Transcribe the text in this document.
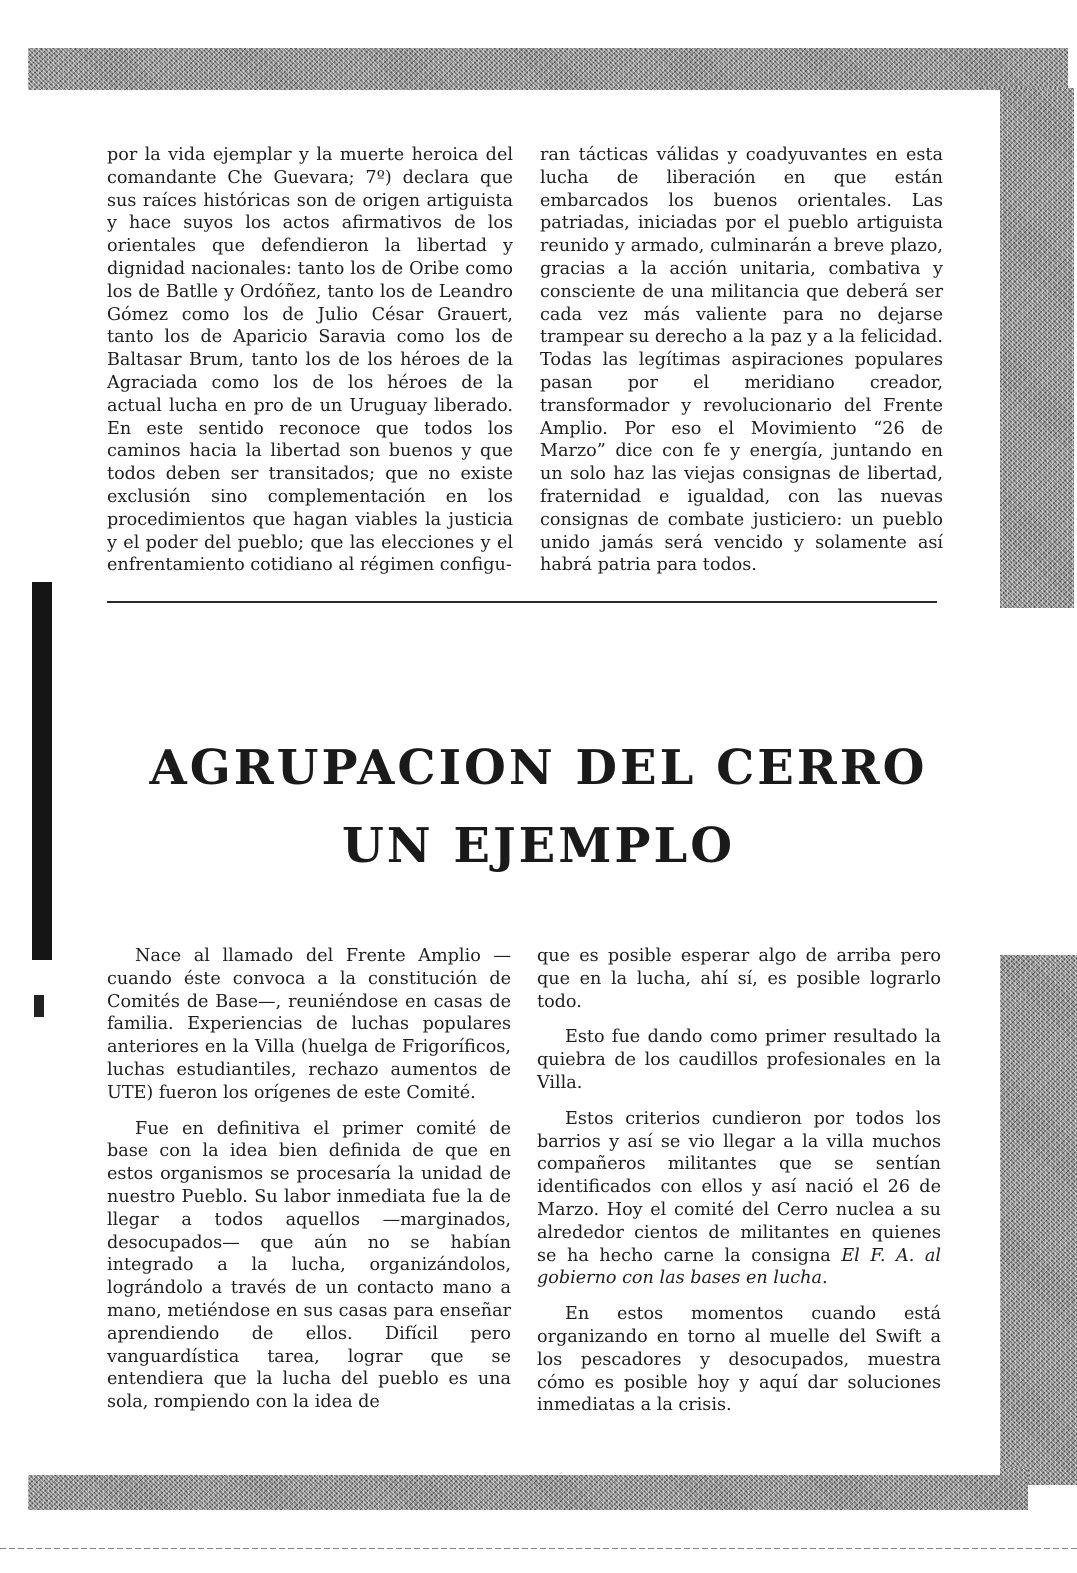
por la vida ejemplar y la muerte heroica del comandante Che Guevara; 7º) declara que sus raíces históricas son de origen artiguista y hace suyos los actos afirmativos de los orientales que defendieron la libertad y dignidad nacionales: tanto los de Oribe como los de Batlle y Ordóñez, tanto los de Leandro Gómez como los de Julio César Grauert, tanto los de Aparicio Saravia como los de Baltasar Brum, tanto los de los héroes de la Agraciada como los de los héroes de la actual lucha en pro de un Uruguay liberado. En este sentido reconoce que todos los caminos hacia la libertad son buenos y que todos deben ser transitados; que no existe exclusión sino complementación en los procedimientos que hagan viables la justicia y el poder del pueblo; que las elecciones y el enfrentamiento cotidiano al régimen configu-

ran tácticas válidas y coadyuvantes en esta lucha de liberación en que están embarcados los buenos orientales. Las patriadas, iniciadas por el pueblo artiguista reunido y armado, culminarán a breve plazo, gracias a la acción unitaria, combativa y consciente de una militancia que deberá ser cada vez más valiente para no dejarse trampear su derecho a la paz y a la felicidad. Todas las legítimas aspiraciones populares pasan por el meridiano creador, transformador y revolucionario del Frente Amplio. Por eso el Movimiento “26 de Marzo” dice con fe y energía, juntando en un solo haz las viejas consignas de libertad, fraternidad e igualdad, con las nuevas consignas de combate justiciero: un pueblo unido jamás será vencido y solamente así habrá patria para todos.

AGRUPACION DEL CERRO
UN EJEMPLO

Nace al llamado del Frente Amplio —cuando éste convoca a la constitución de Comités de Base—, reuniéndose en casas de familia. Experiencias de luchas populares anteriores en la Villa (huelga de Frigoríficos, luchas estudiantiles, rechazo aumentos de UTE) fueron los orígenes de este Comité.

Fue en definitiva el primer comité de base con la idea bien definida de que en estos organismos se procesaría la unidad de nuestro Pueblo. Su labor inmediata fue la de llegar a todos aquellos —marginados, desocupados— que aún no se habían integrado a la lucha, organizándolos, lográndolo a través de un contacto mano a mano, metiéndose en sus casas para enseñar aprendiendo de ellos. Difícil pero vanguardística tarea, lograr que se entendiera que la lucha del pueblo es una sola, rompiendo con la idea de

que es posible esperar algo de arriba pero que en la lucha, ahí sí, es posible lograrlo todo.

Esto fue dando como primer resultado la quiebra de los caudillos profesionales en la Villa.

Estos criterios cundieron por todos los barrios y así se vio llegar a la villa muchos compañeros militantes que se sentían identificados con ellos y así nació el 26 de Marzo. Hoy el comité del Cerro nuclea a su alrededor cientos de militantes en quienes se ha hecho carne la consigna El F. A. al gobierno con las bases en lucha.

En estos momentos cuando está organizando en torno al muelle del Swift a los pescadores y desocupados, muestra cómo es posible hoy y aquí dar soluciones inmediatas a la crisis.
